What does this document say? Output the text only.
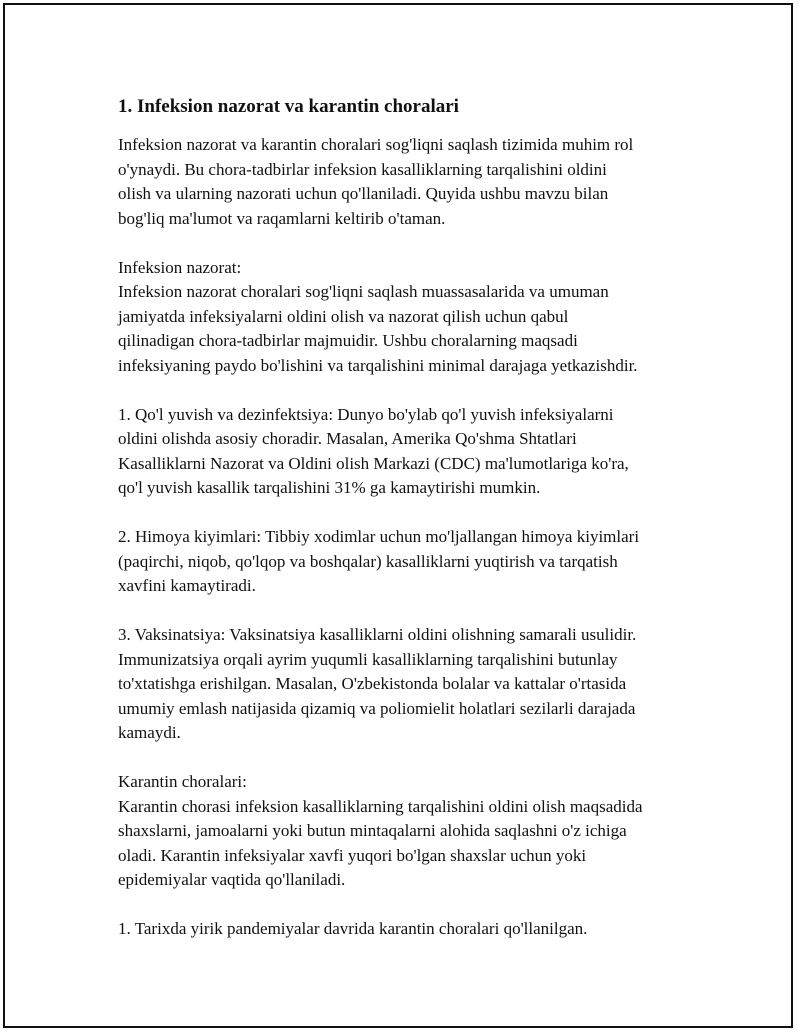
1. Infeksion nazorat va karantin choralari

Infeksion nazorat va karantin choralari sog'liqni saqlash tizimida muhim rol
o'ynaydi. Bu chora-tadbirlar infeksion kasalliklarning tarqalishini oldini
olish va ularning nazorati uchun qo'llaniladi. Quyida ushbu mavzu bilan
bog'liq ma'lumot va raqamlarni keltirib o'taman.

Infeksion nazorat:
Infeksion nazorat choralari sog'liqni saqlash muassasalarida va umuman
jamiyatda infeksiyalarni oldini olish va nazorat qilish uchun qabul
qilinadigan chora-tadbirlar majmuidir. Ushbu choralarning maqsadi
infeksiyaning paydo bo'lishini va tarqalishini minimal darajaga yetkazishdir.

1. Qo'l yuvish va dezinfektsiya: Dunyo bo'ylab qo'l yuvish infeksiyalarni
oldini olishda asosiy choradir. Masalan, Amerika Qo'shma Shtatlari
Kasalliklarni Nazorat va Oldini olish Markazi (CDC) ma'lumotlariga ko'ra,
qo'l yuvish kasallik tarqalishini 31% ga kamaytirishi mumkin.

2. Himoya kiyimlari: Tibbiy xodimlar uchun mo'ljallangan himoya kiyimlari
(paqirchi, niqob, qo'lqop va boshqalar) kasalliklarni yuqtirish va tarqatish
xavfini kamaytiradi.

3. Vaksinatsiya: Vaksinatsiya kasalliklarni oldini olishning samarali usulidir.
Immunizatsiya orqali ayrim yuqumli kasalliklarning tarqalishini butunlay
to'xtatishga erishilgan. Masalan, O'zbekistonda bolalar va kattalar o'rtasida
umumiy emlash natijasida qizamiq va poliomielit holatlari sezilarli darajada
kamaydi.

Karantin choralari:
Karantin chorasi infeksion kasalliklarning tarqalishini oldini olish maqsadida
shaxslarni, jamoalarni yoki butun mintaqalarni alohida saqlashni o'z ichiga
oladi. Karantin infeksiyalar xavfi yuqori bo'lgan shaxslar uchun yoki
epidemiyalar vaqtida qo'llaniladi.

1. Tarixda yirik pandemiyalar davrida karantin choralari qo'llanilgan.
